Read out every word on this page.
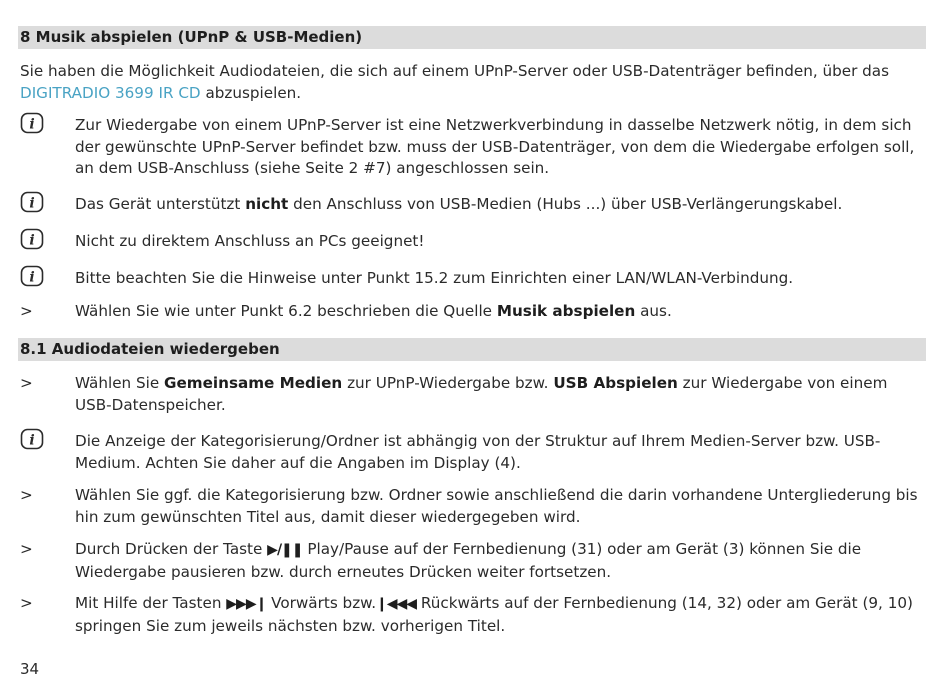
8 Musik abspielen (UPnP & USB-Medien)
Sie haben die Möglichkeit Audiodateien, die sich auf einem UPnP-Server oder USB-Datenträger befinden, über das DIGITRADIO 3699 IR CD abzuspielen.
i	Zur Wiedergabe von einem UPnP-Server ist eine Netzwerkverbindung in dasselbe Netzwerk nötig, in dem sich der gewünschte UPnP-Server befindet bzw. muss der USB-Datenträger, von dem die Wiedergabe erfolgen soll, an dem USB-Anschluss (siehe Seite 2 #7) angeschlossen sein.
i	Das Gerät unterstützt nicht den Anschluss von USB-Medien (Hubs ...) über USB-Verlängerungskabel.
i	Nicht zu direktem Anschluss an PCs geeignet!
i	Bitte beachten Sie die Hinweise unter Punkt 15.2 zum Einrichten einer LAN/WLAN-Verbindung.
>	Wählen Sie wie unter Punkt 6.2 beschrieben die Quelle Musik abspielen aus.
8.1 Audiodateien wiedergeben
>	Wählen Sie Gemeinsame Medien zur UPnP-Wiedergabe bzw. USB Abspielen zur Wiedergabe von einem USB-Datenspeicher.
i	Die Anzeige der Kategorisierung/Ordner ist abhängig von der Struktur auf Ihrem Medien-Server bzw. USB-Medium. Achten Sie daher auf die Angaben im Display (4).
>	Wählen Sie ggf. die Kategorisierung bzw. Ordner sowie anschließend die darin vorhandene Untergliederung bis hin zum gewünschten Titel aus, damit dieser wiedergegeben wird.
>	Durch Drücken der Taste ▶/❚❚ Play/Pause auf der Fernbedienung (31) oder am Gerät (3) können Sie die Wiedergabe pausieren bzw. durch erneutes Drücken weiter fortsetzen.
>	Mit Hilfe der Tasten ▶▶▶❙ Vorwärts bzw.❙◀◀◀ Rückwärts auf der Fernbedienung (14, 32) oder am Gerät (9, 10) springen Sie zum jeweils nächsten bzw. vorherigen Titel.
34
